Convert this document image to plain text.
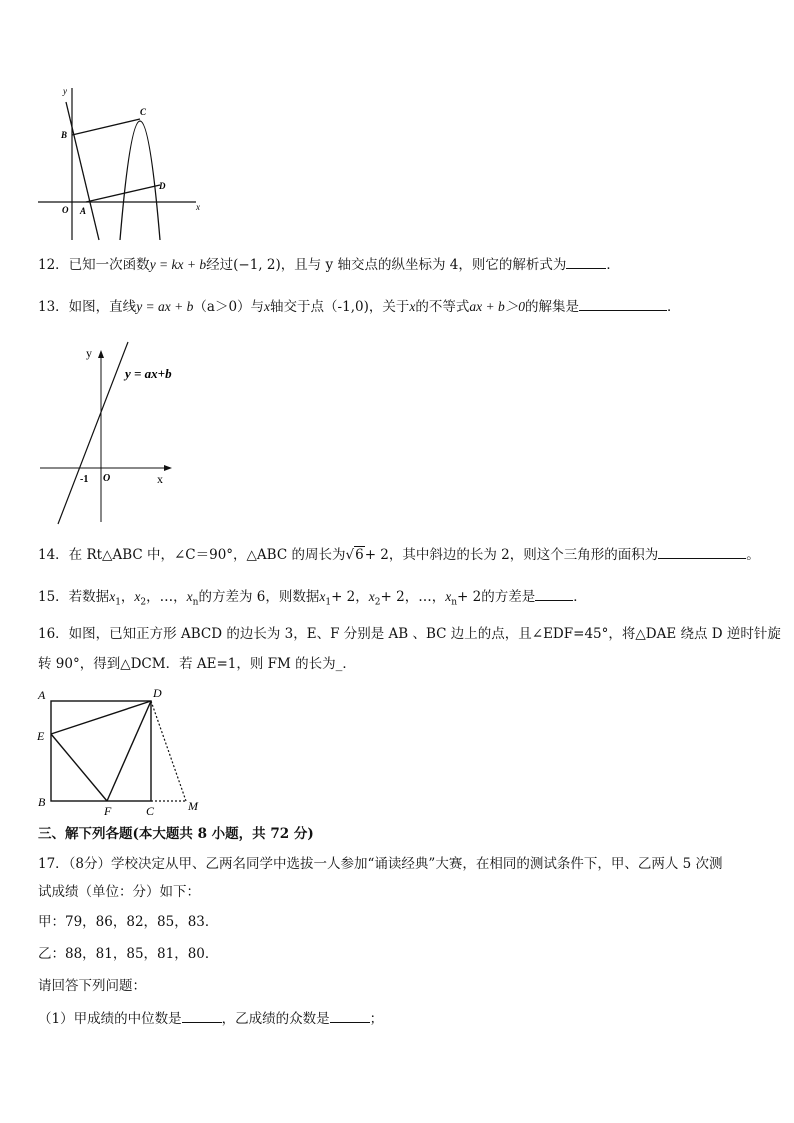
y
x
O A
B
C
D
12．已知一次函数y = kx + b经过(−1, 2)，且与 y 轴交点的纵坐标为 4，则它的解析式为	．
13．如图，直线y = ax + b（a＞0）与x轴交于点（-1,0)，关于x的不等式ax + b＞0的解集是	．
y
x
O
-1
y = ax+b
14．在 Rt△ABC 中，∠C＝90°，△ABC 的周长为√6+ 2，其中斜边的长为 2，则这个三角形的面积为	。
15．若数据$x_1$，$x_2$，…，$x_n$的方差为 6，则数据$x_1+ 2$，$x_2+ 2$，…，$x_n+ 2$的方差是	．
16．如图，已知正方形 ABCD 的边长为 3，E、F 分别是 AB 、BC 边上的点，且∠EDF=45°，将△DAE 绕点 D 逆时针旋
转 90°，得到△DCM．若 AE=1，则 FM 的长为_．
A	D
E
B
F	C	M
三、解下列各题(本大题共 8 小题，共 72 分)
17．（8分）学校决定从甲、乙两名同学中选拔一人参加“诵读经典”大赛，在相同的测试条件下，甲、乙两人 5 次测
试成绩（单位：分）如下：
甲：79，86，82，85，83．
乙：88，81，85，81，80．
请回答下列问题：
（1）甲成绩的中位数是	，乙成绩的众数是	；
